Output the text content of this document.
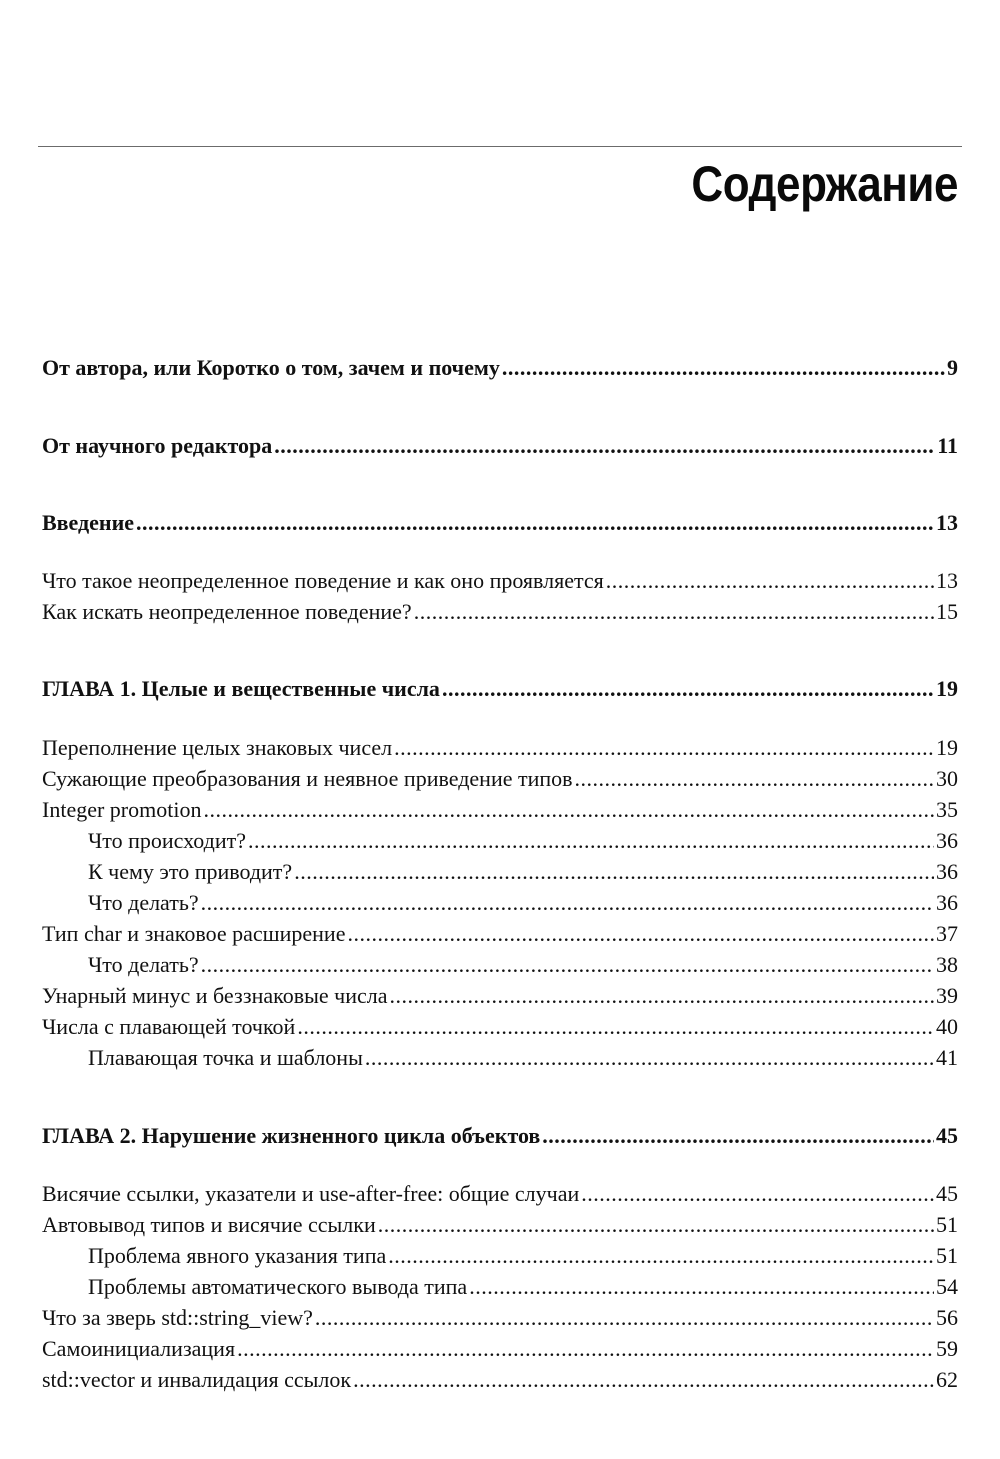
Содержание
От автора, или Коротко о том, зачем и почему .....	9
От научного редактора .....	11
Введение .....	13
Что такое неопределенное поведение и как оно проявляется .....	13
Как искать неопределенное поведение? .....	15
ГЛАВА 1. Целые и вещественные числа .....	19
Переполнение целых знаковых чисел .....	19
Сужающие преобразования и неявное приведение типов .....	30
Integer promotion .....	35
Что происходит? .....	36
К чему это приводит? .....	36
Что делать? .....	36
Тип char и знаковое расширение .....	37
Что делать? .....	38
Унарный минус и беззнаковые числа .....	39
Числа с плавающей точкой .....	40
Плавающая точка и шаблоны .....	41
ГЛАВА 2. Нарушение жизненного цикла объектов .....	45
Висячие ссылки, указатели и use-after-free: общие случаи .....	45
Автовывод типов и висячие ссылки .....	51
Проблема явного указания типа .....	51
Проблемы автоматического вывода типа .....	54
Что за зверь std::string_view? .....	56
Самоинициализация .....	59
std::vector и инвалидация ссылок .....	62
